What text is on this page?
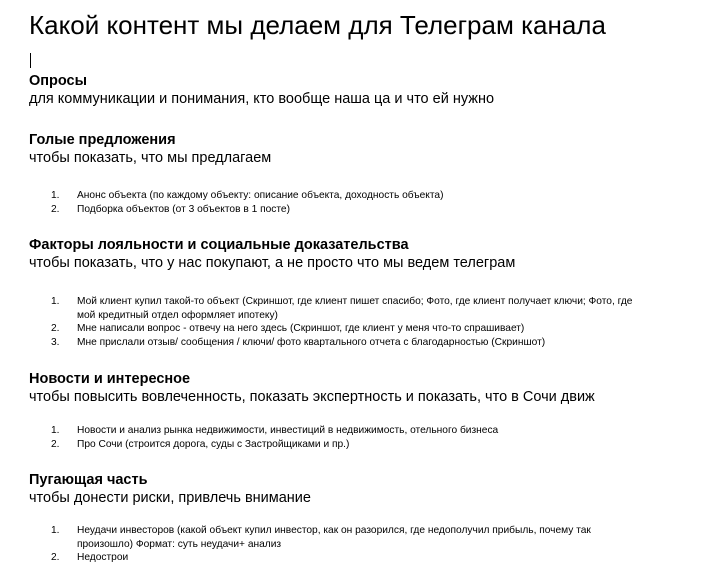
Какой контент мы делаем для Телеграм канала

Опросы

для коммуникации и понимания, кто вообще наша ца и что ей нужно

Голые предложения

чтобы показать, что мы предлагаем

1. Анонс объекта (по каждому объекту: описание объекта, доходность объекта)
2. Подборка объектов (от 3 объектов в 1 посте)

Факторы лояльности и социальные доказательства

чтобы показать, что у нас покупают, а не просто что мы ведем телеграм

1. Мой клиент купил такой-то объект (Скриншот, где клиент пишет спасибо; Фото, где клиент получает ключи; Фото, где мой кредитный отдел оформляет ипотеку)
2. Мне написали вопрос - отвечу на него здесь (Скриншот, где клиент у меня что-то спрашивает)
3. Мне прислали отзыв/ сообщения / ключи/ фото квартального отчета с благодарностью (Скриншот)

Новости и интересное

чтобы повысить вовлеченность, показать экспертность и показать, что в Сочи движ

1. Новости и анализ рынка недвижимости, инвестиций в недвижимость, отельного бизнеса
2. Про Сочи (строится дорога, суды с Застройщиками и пр.)

Пугающая часть

чтобы донести риски, привлечь внимание

1. Неудачи инвесторов (какой объект купил инвестор, как он разорился, где недополучил прибыль, почему так произошло) Формат: суть неудачи+ анализ
2. Недострои
